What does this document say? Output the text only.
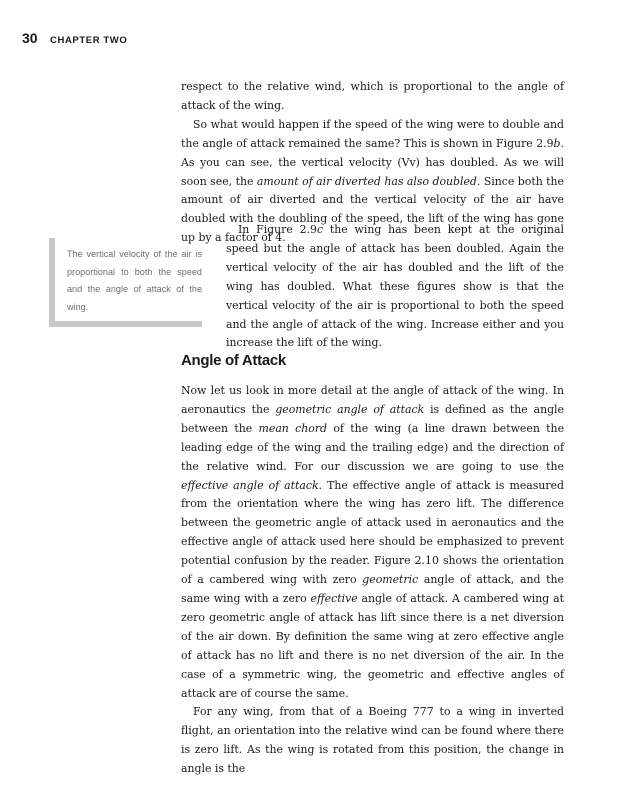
30 CHAPTER TWO

respect to the relative wind, which is proportional to the angle of attack of the wing.

So what would happen if the speed of the wing were to double and the angle of attack remained the same? This is shown in Figure 2.9b. As you can see, the vertical velocity (Vv) has doubled. As we will soon see, the amount of air diverted has also doubled. Since both the amount of air diverted and the vertical velocity of the air have doubled with the doubling of the speed, the lift of the wing has gone up by a factor of 4.

The vertical velocity of the air is proportional to both the speed and the angle of attack of the wing.

In Figure 2.9c the wing has been kept at the original speed but the angle of attack has been doubled. Again the vertical velocity of the air has doubled and the lift of the wing has doubled. What these figures show is that the vertical velocity of the air is proportional to both the speed and the angle of attack of the wing. Increase either and you increase the lift of the wing.

Angle of Attack

Now let us look in more detail at the angle of attack of the wing. In aeronautics the geometric angle of attack is defined as the angle between the mean chord of the wing (a line drawn between the leading edge of the wing and the trailing edge) and the direction of the relative wind. For our discussion we are going to use the effective angle of attack. The effective angle of attack is measured from the orientation where the wing has zero lift. The difference between the geometric angle of attack used in aeronautics and the effective angle of attack used here should be emphasized to prevent potential confusion by the reader. Figure 2.10 shows the orientation of a cambered wing with zero geometric angle of attack, and the same wing with a zero effective angle of attack. A cambered wing at zero geometric angle of attack has lift since there is a net diversion of the air down. By definition the same wing at zero effective angle of attack has no lift and there is no net diversion of the air. In the case of a symmetric wing, the geometric and effective angles of attack are of course the same.

For any wing, from that of a Boeing 777 to a wing in inverted flight, an orientation into the relative wind can be found where there is zero lift. As the wing is rotated from this position, the change in angle is the
